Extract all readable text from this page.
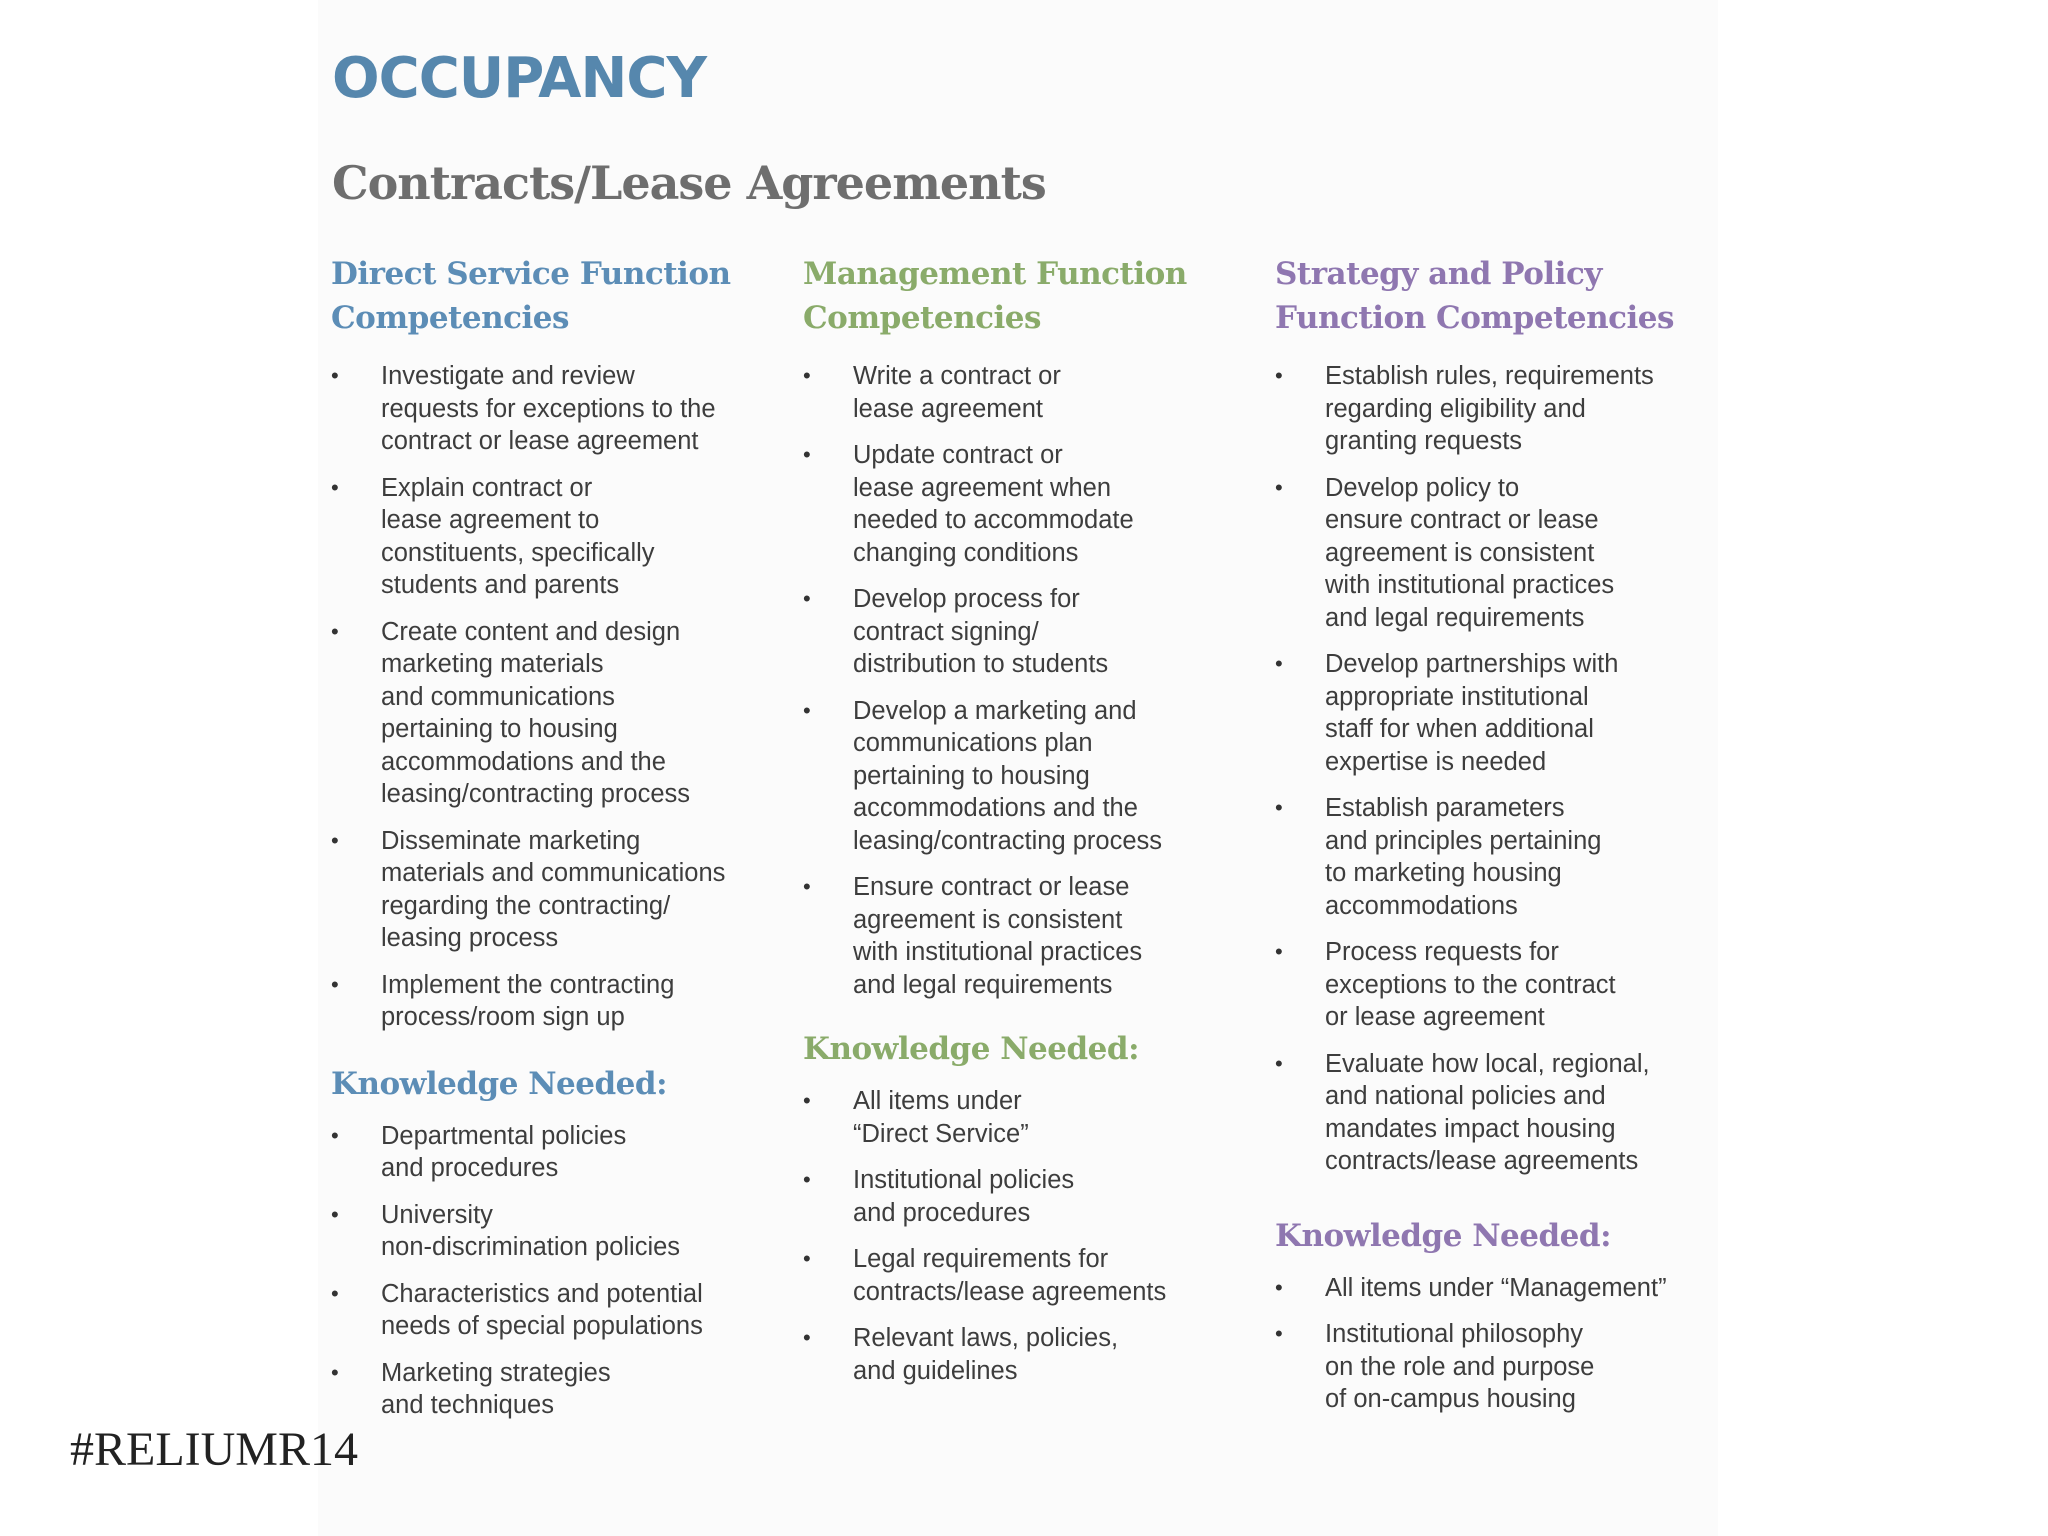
OCCUPANCY
Contracts/Lease Agreements
Direct Service Function
Competencies
• Investigate and review
requests for exceptions to the
contract or lease agreement
• Explain contract or
lease agreement to
constituents, specifically
students and parents
• Create content and design
marketing materials
and communications
pertaining to housing
accommodations and the
leasing/contracting process
• Disseminate marketing
materials and communications
regarding the contracting/
leasing process
• Implement the contracting
process/room sign up
Knowledge Needed:
• Departmental policies
and procedures
• University
non-discrimination policies
• Characteristics and potential
needs of special populations
• Marketing strategies
and techniques
Management Function
Competencies
• Write a contract or
lease agreement
• Update contract or
lease agreement when
needed to accommodate
changing conditions
• Develop process for
contract signing/
distribution to students
• Develop a marketing and
communications plan
pertaining to housing
accommodations and the
leasing/contracting process
• Ensure contract or lease
agreement is consistent
with institutional practices
and legal requirements
Knowledge Needed:
• All items under
“Direct Service”
• Institutional policies
and procedures
• Legal requirements for
contracts/lease agreements
• Relevant laws, policies,
and guidelines
Strategy and Policy
Function Competencies
• Establish rules, requirements
regarding eligibility and
granting requests
• Develop policy to
ensure contract or lease
agreement is consistent
with institutional practices
and legal requirements
• Develop partnerships with
appropriate institutional
staff for when additional
expertise is needed
• Establish parameters
and principles pertaining
to marketing housing
accommodations
• Process requests for
exceptions to the contract
or lease agreement
• Evaluate how local, regional,
and national policies and
mandates impact housing
contracts/lease agreements
Knowledge Needed:
• All items under “Management”
• Institutional philosophy
on the role and purpose
of on-campus housing

#RELIUMR14
